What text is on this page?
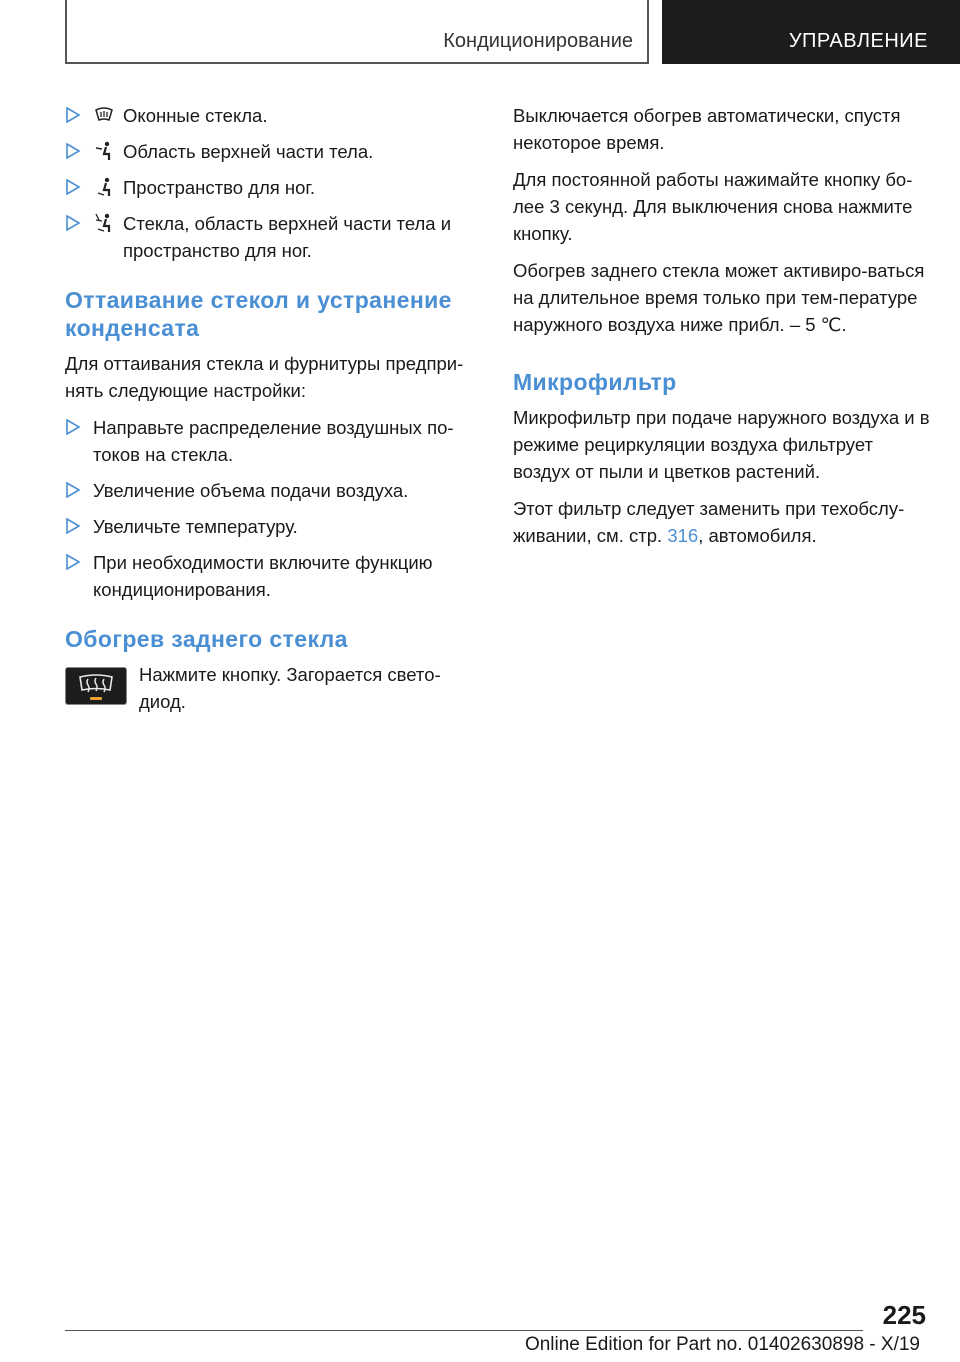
Кондиционирование	УПРАВЛЕНИЕ
Оконные стекла.
Область верхней части тела.
Пространство для ног.
Стекла, область верхней части тела и пространство для ног.
Оттаивание стекол и устранение конденсата

Для оттаивания стекла и фурнитуры предпри-нять следующие настройки:

Направьте распределение воздушных по-токов на стекла.
Увеличение объема подачи воздуха.
Увеличьте температуру.
При необходимости включите функцию кондиционирования.
Обогрев заднего стекла

Нажмите кнопку. Загорается свето-диод.

Выключается обогрев автоматически, спустя некоторое время.

Для постоянной работы нажимайте кнопку бо-лее 3 секунд. Для выключения снова нажмите кнопку.

Обогрев заднего стекла может активиро-ваться на длительное время только при тем-пературе наружного воздуха ниже прибл. – 5 ℃.

Микрофильтр

Микрофильтр при подаче наружного воздуха и в режиме рециркуляции воздуха фильтрует воздух от пыли и цветков растений.

Этот фильтр следует заменить при техобслу-живании, см. стр. 316, автомобиля.

225
Online Edition for Part no. 01402630898 - X/19
